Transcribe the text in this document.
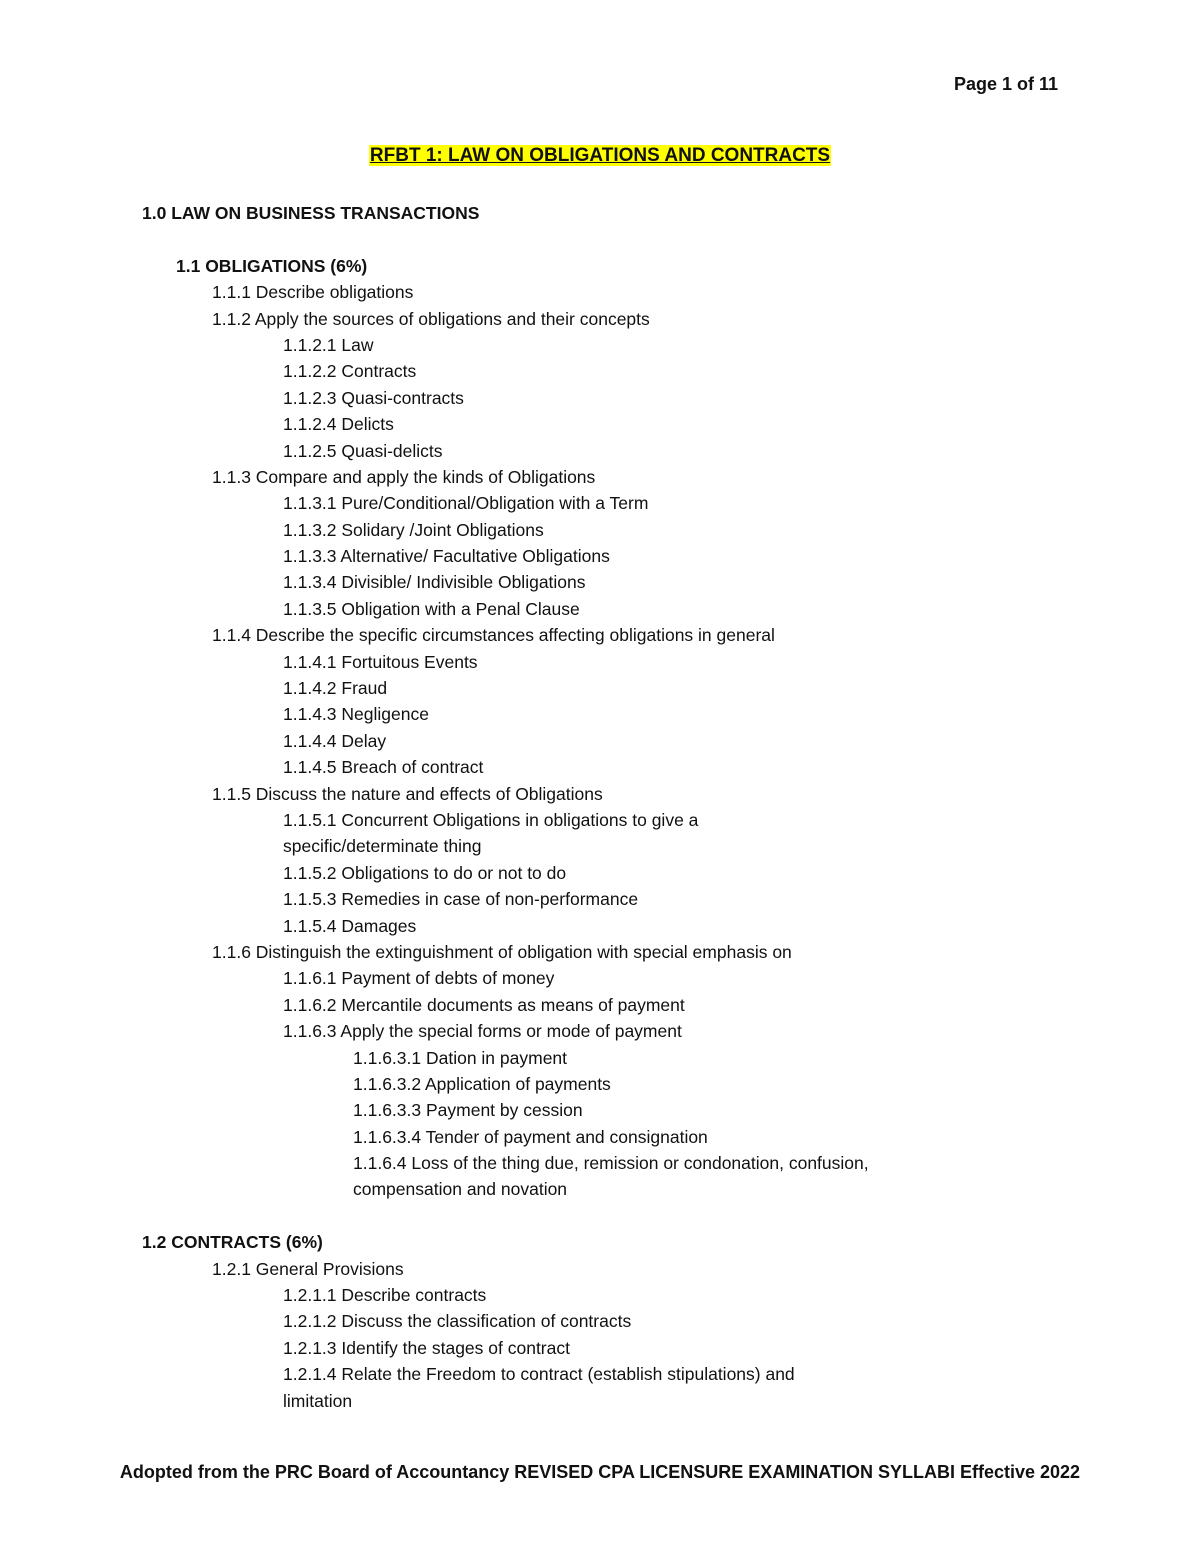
Page 1 of 11
RFBT 1: LAW ON OBLIGATIONS AND CONTRACTS
1.0 LAW ON BUSINESS TRANSACTIONS
1.1 OBLIGATIONS (6%)
1.1.1 Describe obligations
1.1.2 Apply the sources of obligations and their concepts
1.1.2.1 Law
1.1.2.2 Contracts
1.1.2.3 Quasi-contracts
1.1.2.4 Delicts
1.1.2.5 Quasi-delicts
1.1.3 Compare and apply the kinds of Obligations
1.1.3.1 Pure/Conditional/Obligation with a Term
1.1.3.2 Solidary /Joint Obligations
1.1.3.3 Alternative/ Facultative Obligations
1.1.3.4 Divisible/ Indivisible Obligations
1.1.3.5 Obligation with a Penal Clause
1.1.4 Describe the specific circumstances affecting obligations in general
1.1.4.1 Fortuitous Events
1.1.4.2 Fraud
1.1.4.3 Negligence
1.1.4.4 Delay
1.1.4.5 Breach of contract
1.1.5 Discuss the nature and effects of Obligations
1.1.5.1 Concurrent Obligations in obligations to give a
specific/determinate thing
1.1.5.2 Obligations to do or not to do
1.1.5.3 Remedies in case of non-performance
1.1.5.4 Damages
1.1.6 Distinguish the extinguishment of obligation with special emphasis on
1.1.6.1 Payment of debts of money
1.1.6.2 Mercantile documents as means of payment
1.1.6.3 Apply the special forms or mode of payment
1.1.6.3.1 Dation in payment
1.1.6.3.2 Application of payments
1.1.6.3.3 Payment by cession
1.1.6.3.4 Tender of payment and consignation
1.1.6.4 Loss of the thing due, remission or condonation, confusion,
compensation and novation
1.2 CONTRACTS (6%)
1.2.1 General Provisions
1.2.1.1 Describe contracts
1.2.1.2 Discuss the classification of contracts
1.2.1.3 Identify the stages of contract
1.2.1.4 Relate the Freedom to contract (establish stipulations) and
limitation
Adopted from the PRC Board of Accountancy REVISED CPA LICENSURE EXAMINATION SYLLABI Effective 2022
